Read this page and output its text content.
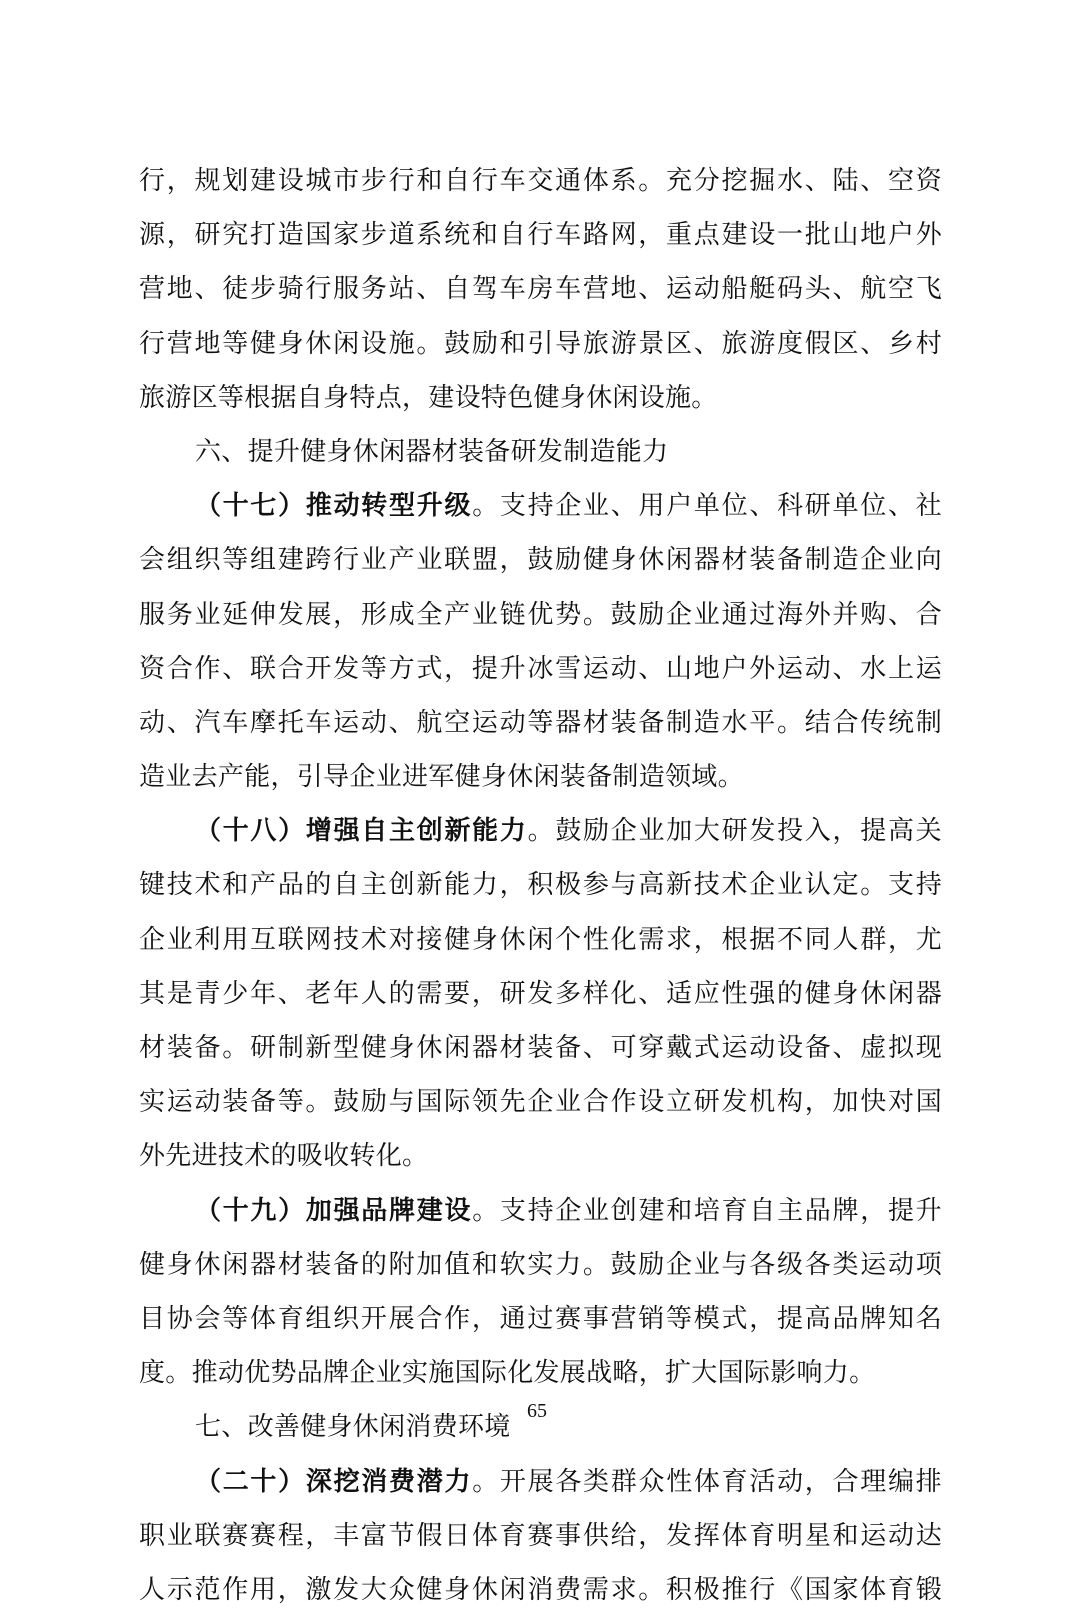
行，规划建设城市步行和自行车交通体系。充分挖掘水、陆、空资
源，研究打造国家步道系统和自行车路网，重点建设一批山地户外
营地、徒步骑行服务站、自驾车房车营地、运动船艇码头、航空飞
行营地等健身休闲设施。鼓励和引导旅游景区、旅游度假区、乡村
旅游区等根据自身特点，建设特色健身休闲设施。
六、提升健身休闲器材装备研发制造能力
（十七）推动转型升级。支持企业、用户单位、科研单位、社
会组织等组建跨行业产业联盟，鼓励健身休闲器材装备制造企业向
服务业延伸发展，形成全产业链优势。鼓励企业通过海外并购、合
资合作、联合开发等方式，提升冰雪运动、山地户外运动、水上运
动、汽车摩托车运动、航空运动等器材装备制造水平。结合传统制
造业去产能，引导企业进军健身休闲装备制造领域。
（十八）增强自主创新能力。鼓励企业加大研发投入，提高关
键技术和产品的自主创新能力，积极参与高新技术企业认定。支持
企业利用互联网技术对接健身休闲个性化需求，根据不同人群，尤
其是青少年、老年人的需要，研发多样化、适应性强的健身休闲器
材装备。研制新型健身休闲器材装备、可穿戴式运动设备、虚拟现
实运动装备等。鼓励与国际领先企业合作设立研发机构，加快对国
外先进技术的吸收转化。
（十九）加强品牌建设。支持企业创建和培育自主品牌，提升
健身休闲器材装备的附加值和软实力。鼓励企业与各级各类运动项
目协会等体育组织开展合作，通过赛事营销等模式，提高品牌知名
度。推动优势品牌企业实施国际化发展战略，扩大国际影响力。
七、改善健身休闲消费环境
（二十）深挖消费潜力。开展各类群众性体育活动，合理编排
职业联赛赛程，丰富节假日体育赛事供给，发挥体育明星和运动达
人示范作用，激发大众健身休闲消费需求。积极推行《国家体育锻
65
